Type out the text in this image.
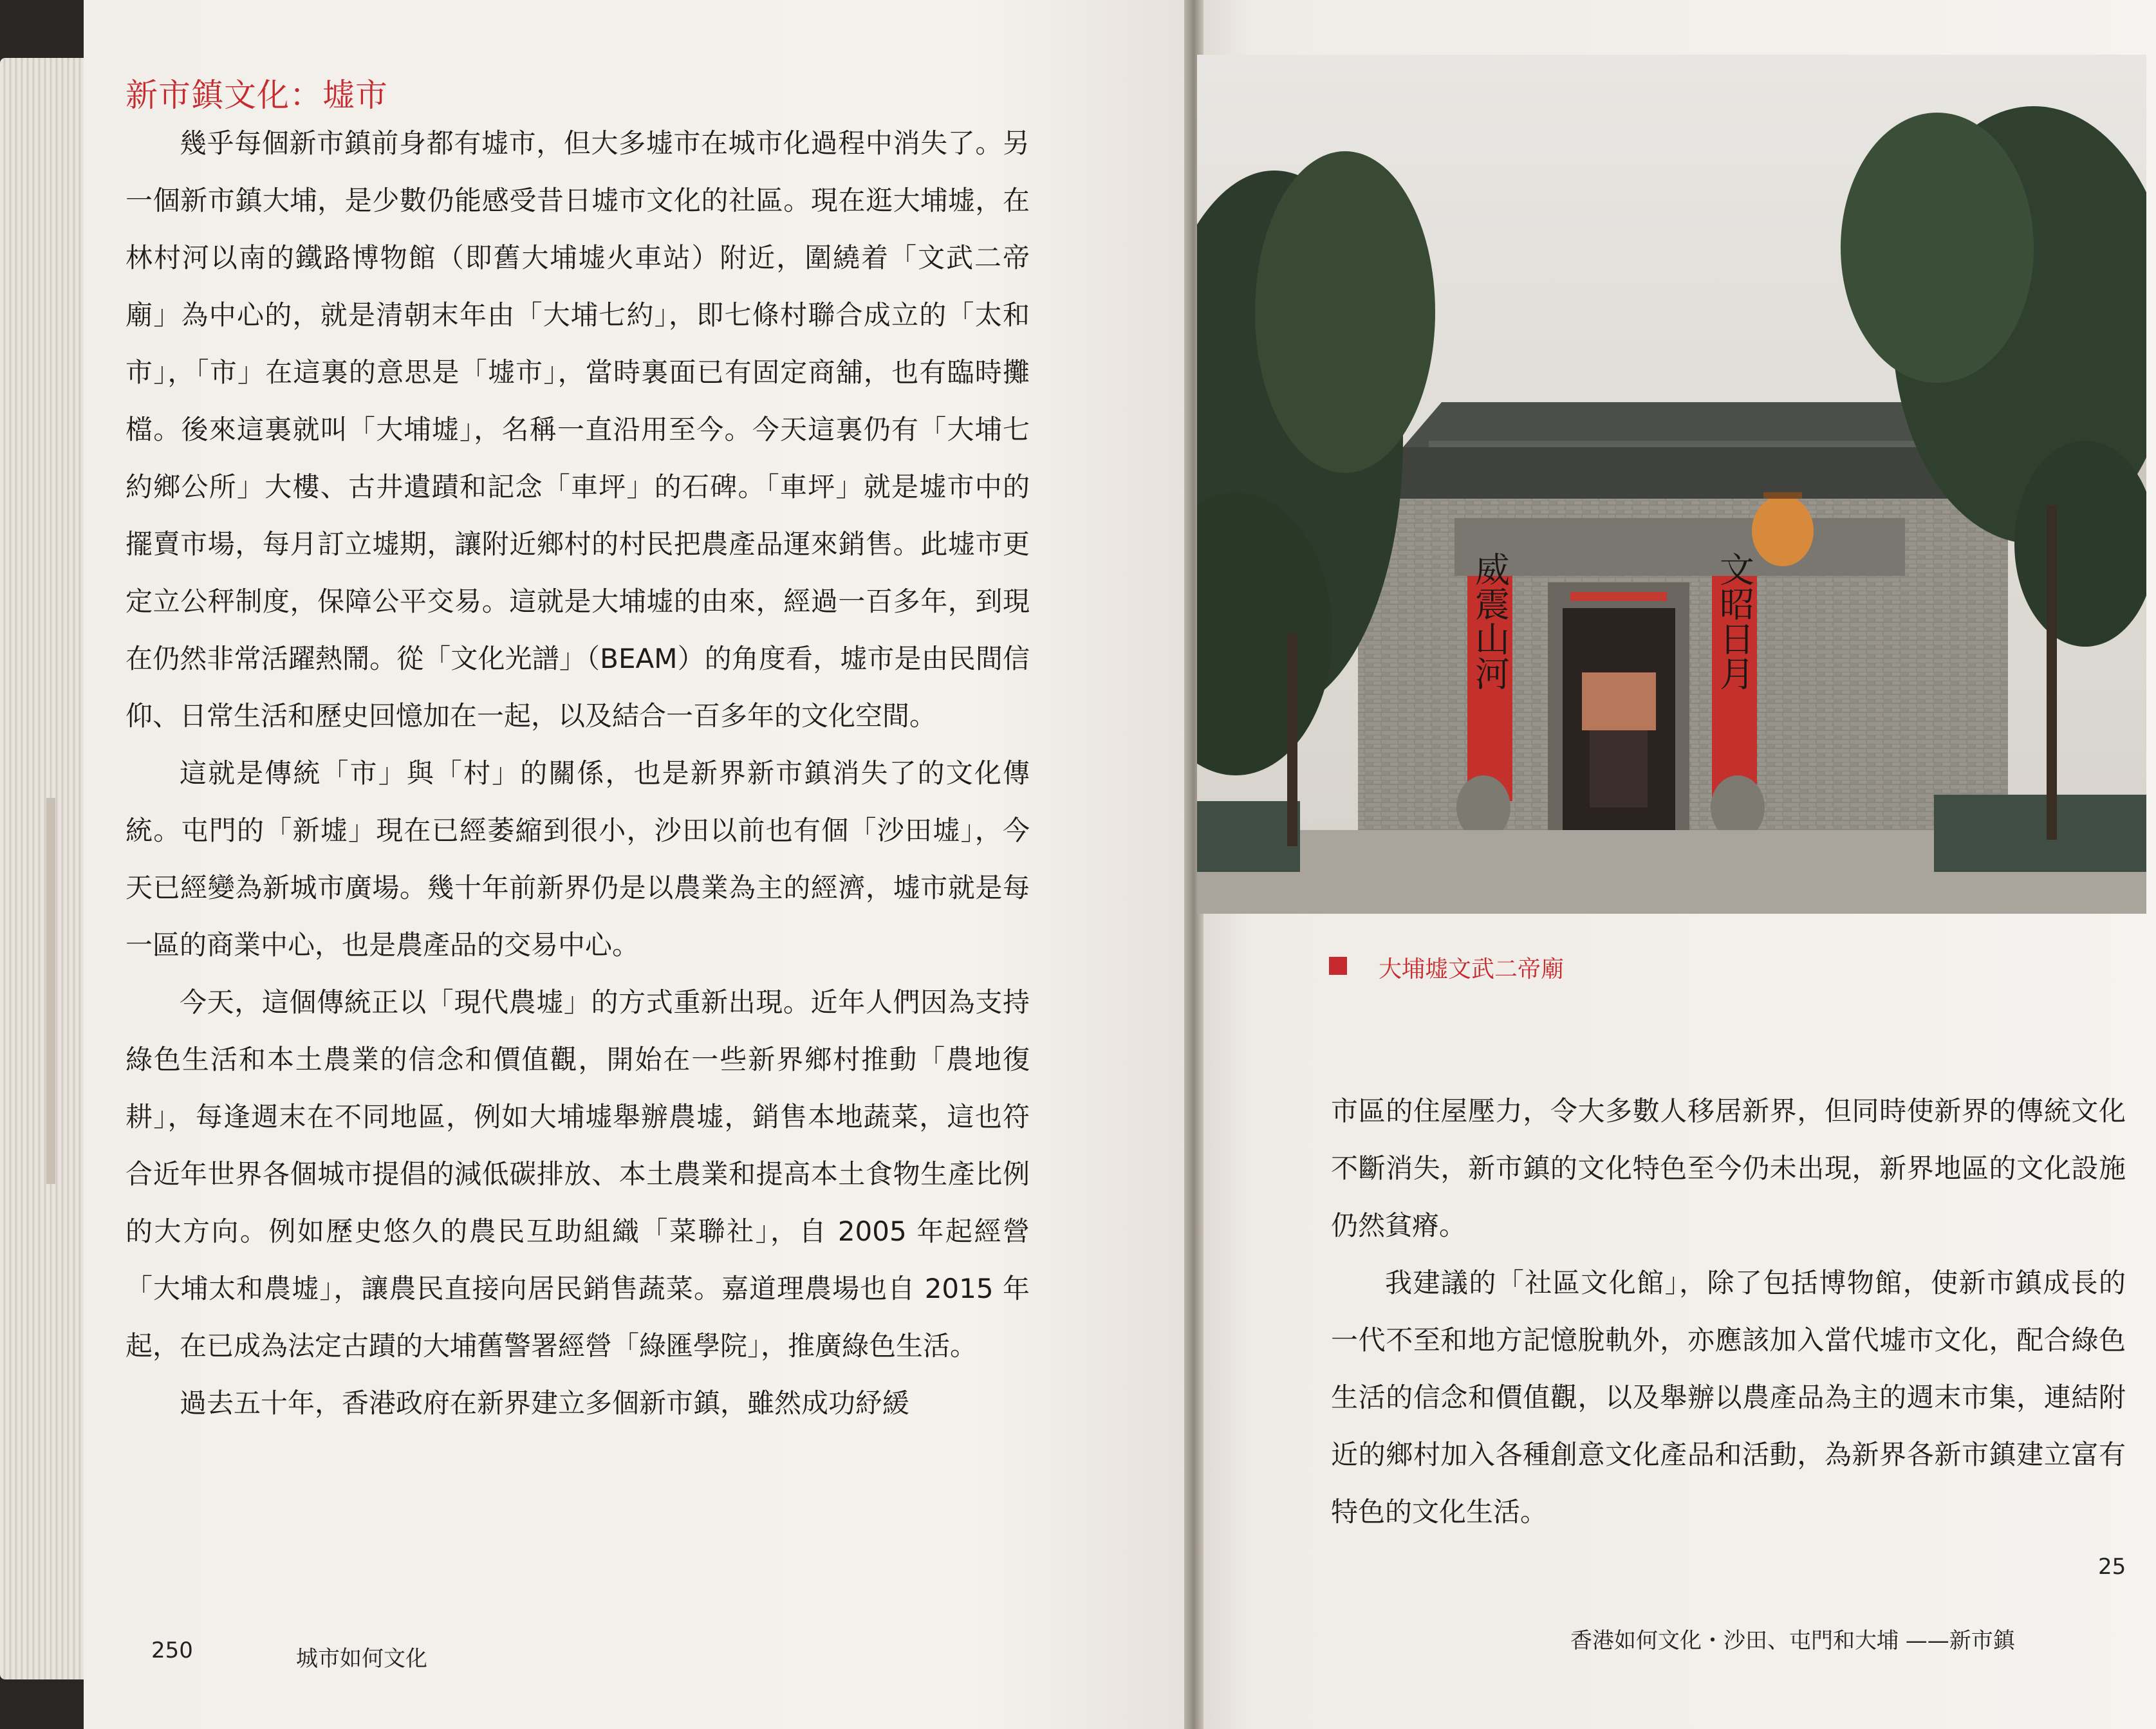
新市鎮文化：墟市

幾乎每個新市鎮前身都有墟市，但大多墟市在城市化過程中消失了。另一個新市鎮大埔，是少數仍能感受昔日墟市文化的社區。現在逛大埔墟，在林村河以南的鐵路博物館（即舊大埔墟火車站）附近，圍繞着「文武二帝廟」為中心的，就是清朝末年由「大埔七約」，即七條村聯合成立的「太和市」，「市」在這裏的意思是「墟市」，當時裏面已有固定商舖，也有臨時攤檔。後來這裏就叫「大埔墟」，名稱一直沿用至今。今天這裏仍有「大埔七約鄉公所」大樓、古井遺蹟和記念「車坪」的石碑。「車坪」就是墟市中的擺賣市場，每月訂立墟期，讓附近鄉村的村民把農產品運來銷售。此墟市更定立公秤制度，保障公平交易。這就是大埔墟的由來，經過一百多年，到現在仍然非常活躍熱鬧。從「文化光譜」（BEAM）的角度看，墟市是由民間信仰、日常生活和歷史回憶加在一起，以及結合一百多年的文化空間。

這就是傳統「市」與「村」的關係，也是新界新市鎮消失了的文化傳統。屯門的「新墟」現在已經萎縮到很小，沙田以前也有個「沙田墟」，今天已經變為新城市廣場。幾十年前新界仍是以農業為主的經濟，墟市就是每一區的商業中心，也是農產品的交易中心。

今天，這個傳統正以「現代農墟」的方式重新出現。近年人們因為支持綠色生活和本土農業的信念和價值觀，開始在一些新界鄉村推動「農地復耕」，每逢週末在不同地區，例如大埔墟舉辦農墟，銷售本地蔬菜，這也符合近年世界各個城市提倡的減低碳排放、本土農業和提高本土食物生產比例的大方向。例如歷史悠久的農民互助組織「菜聯社」，自 2005 年起經營「大埔太和農墟」，讓農民直接向居民銷售蔬菜。嘉道理農場也自 2015 年起，在已成為法定古蹟的大埔舊警署經營「綠匯學院」，推廣綠色生活。

過去五十年，香港政府在新界建立多個新市鎮，雖然成功紓緩

250	城市如何文化
威震山河	文昭日月
大埔墟文武二帝廟

市區的住屋壓力，令大多數人移居新界，但同時使新界的傳統文化不斷消失，新市鎮的文化特色至今仍未出現，新界地區的文化設施仍然貧瘠。

我建議的「社區文化館」，除了包括博物館，使新市鎮成長的一代不至和地方記憶脫軌外，亦應該加入當代墟市文化，配合綠色生活的信念和價值觀，以及舉辦以農產品為主的週末市集，連結附近的鄉村加入各種創意文化產品和活動，為新界各新市鎮建立富有特色的文化生活。

25
香港如何文化・沙田、屯門和大埔 ——新市鎮
